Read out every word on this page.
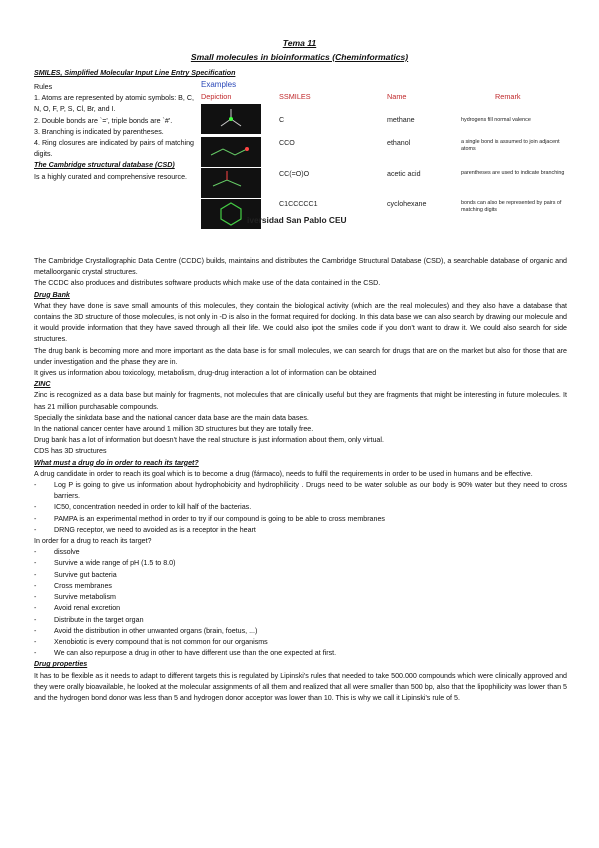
Tema 11
Small molecules in bioinformatics (Cheminformatics)
SMILES, Simplified Molecular Input Line Entry Specification
Rules
1. Atoms are represented by atomic symbols: B, C, N, O, F, P, S, Cl, Br, and I.
2. Double bonds are `=', triple bonds are `#'.
3. Branching is indicated by parentheses.
4. Ring closures are indicated by pairs of matching digits.
The Cambridge structural database (CSD)
Is a highly curated and comprehensive resource.
Examples
Depiction	SSMILES	Name	Remark
C	methane	hydrogens fill normal valence
CCO	ethanol	a single bond is assumed to join adjacent atoms
CC(=O)O	acetic acid	parentheses are used to indicate branching
C1CCCCC1	cyclohexane	bonds can also be represented by pairs of matching digits
iversidad San Pablo CEU
The Cambridge Crystallographic Data Centre (CCDC) builds, maintains and distributes the Cambridge Structural Database (CSD), a searchable database of organic and metalloorganic crystal structures.
The CCDC also produces and distributes software products which make use of the data contained in the CSD.
Drug Bank
What they have done is save small amounts of this molecules, they contain the biological activity (which are the real molecules) and they also have a database that contains the 3D structure of those molecules, is not only in -D is also in the format required for docking. In this data base we can also search by drawing our molecule and it would provide information that they have saved through all their life. We could also ipot the smiles code if you don't want to draw it. We could also search for side structures.
The drug bank is becoming more and more important as the data base is for small molecules, we can search for drugs that are on the market but also for those that are under investigation and the phase they are in.
It gives us information abou toxicology, metabolism, drug-drug interaction a lot of information can be obtained
ZINC
Zinc is recognized as a data base but mainly for fragments, not molecules that are clinically useful but they are fragments that might be interesting in future molecules. It has 21 million purchasable compounds.
Specially the sinkdata base and the national cancer data base are the main data bases.
In the national cancer center have around 1 million 3D structures but they are totally free.
Drug bank has a lot of information but doesn't have the real structure is just information about them, only virtual.
CDS has 3D structures
What must a drug do in order to reach its target?
A drug candidate in order to reach its goal which is to become a drug (fármaco), needs to fulfil the requirements in order to be used in humans and be effective.
- Log P is going to give us information about hydrophobicity and hydrophilicity . Drugs need to be water soluble as our body is 90% water but they need to cross barriers.
- IC50, concentration needed in order to kill half of the bacterias.
- PAMPA is an experimental method in order to try if our compound is going to be able to cross membranes
- DRNG receptor, we need to avoided as is a receptor in the heart
In order for a drug to reach its target?
- dissolve
- Survive a wide range of pH (1.5 to 8.0)
- Survive gut bacteria
- Cross membranes
- Survive metabolism
- Avoid renal excretion
- Distribute in the target organ
- Avoid the distribution in other unwanted organs (brain, foetus, ...)
- Xenobiotic is every compound that is not common for our organisms
- We can also repurpose a drug in other to have different use than the one expected at first.
Drug properties
It has to be flexible as it needs to adapt to different targets this is regulated by Lipinski's rules that needed to take 500.000 compounds which were clinically approved and they were orally bioavailable, he looked at the molecular assignments of all them and realized that all were smaller than 500 bp, also that the lipophilicity was lower than 5 and the hydrogen bond donor was less than 5 and hydrogen donor acceptor was lower than 10. This is why we call it Lipinski's rule of 5.
